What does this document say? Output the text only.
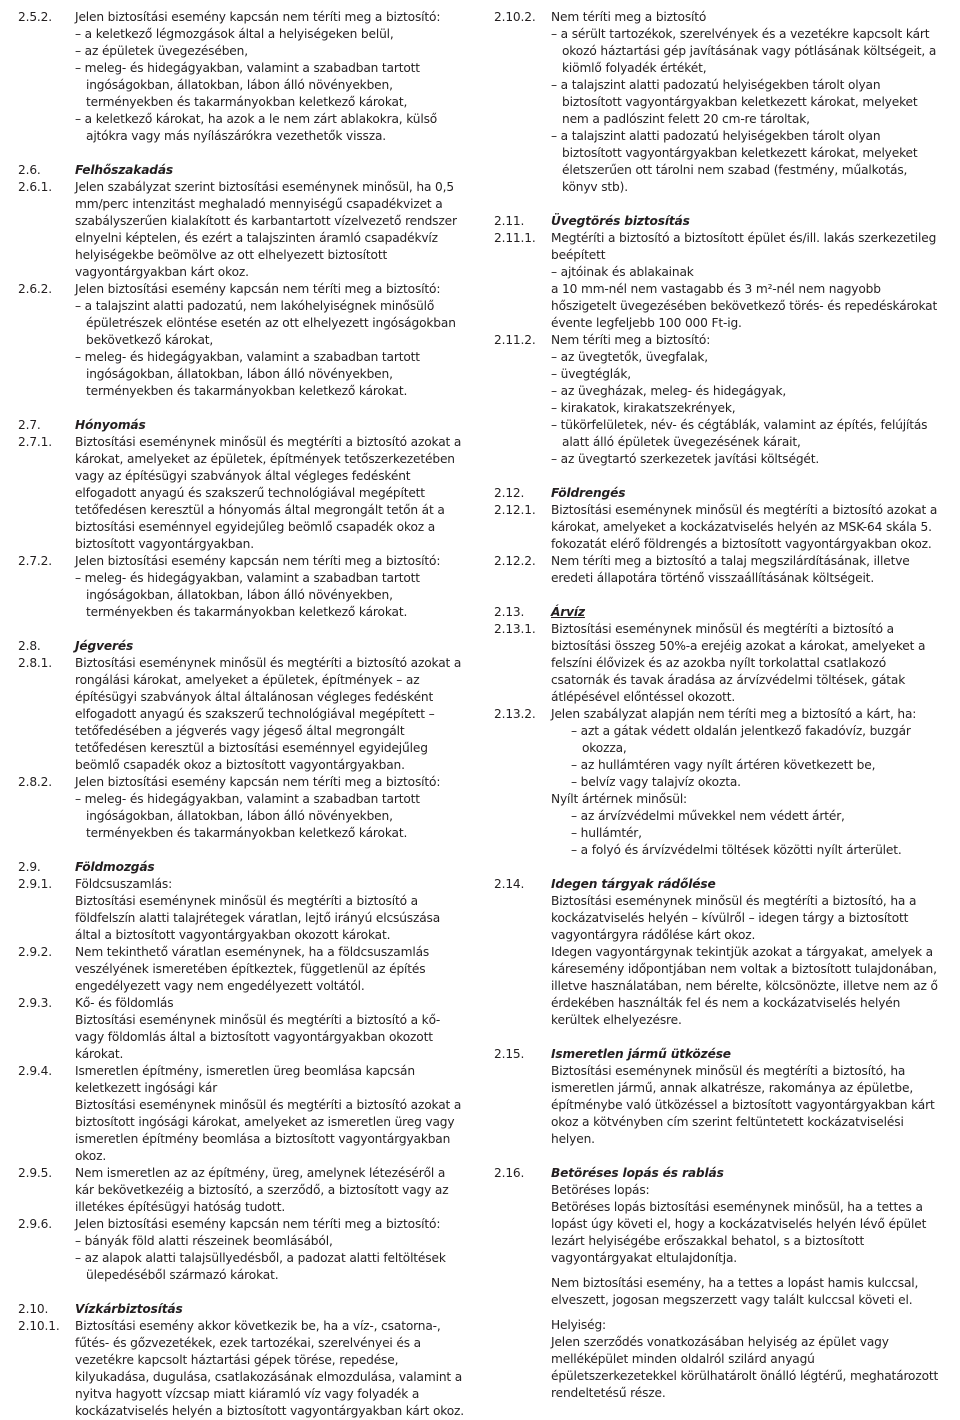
2.5.2. Jelen biztosítási esemény kapcsán nem téríti meg a biztosító:
– a keletkező légmozgások által a helyiségeken belül,
– az épületek üvegezésében,
– meleg- és hidegágyakban, valamint a szabadban tartott ingóságokban, állatokban, lábon álló növényekben, terményekben és takarmányokban keletkező károkat,
– a keletkező károkat, ha azok a le nem zárt ablakokra, külső ajtókra vagy más nyílászárókra vezethetők vissza.
2.6.	Felhőszakadás
2.6.1. Jelen szabályzat szerint biztosítási eseménynek minősül, ha 0,5 mm/perc intenzitást meghaladó mennyiségű csapadékvizet a szabályszerűen kialakított és karbantartott vízelvezető rendszer elnyelni képtelen, és ezért a talajszinten áramló csapadékvíz helyiségekbe beömölve az ott elhelyezett biztosított vagyontárgyakban kárt okoz.
2.6.2. Jelen biztosítási esemény kapcsán nem téríti meg a biztosító:
– a talajszint alatti padozatú, nem lakóhelyiségnek minősülő épületrészek elöntése esetén az ott elhelyezett ingóságokban bekövetkező károkat,
– meleg- és hidegágyakban, valamint a szabadban tartott ingóságokban, állatokban, lábon álló növényekben, terményekben és takarmányokban keletkező károkat.
2.7.	Hónyomás
2.7.1. Biztosítási eseménynek minősül és megtéríti a biztosító azokat a károkat, amelyeket az épületek, építmények tetőszerkezetében vagy az építésügyi szabványok által végleges fedésként elfogadott anyagú és szakszerű technológiával megépített tetőfedésen keresztül a hónyomás által megrongált tetőn át a biztosítási eseménnyel egyidejűleg beömlő csapadék okoz a biztosított vagyontárgyakban.
2.7.2. Jelen biztosítási esemény kapcsán nem téríti meg a biztosító:
– meleg- és hidegágyakban, valamint a szabadban tartott ingóságokban, állatokban, lábon álló növényekben, terményekben és takarmányokban keletkező károkat.
2.8.	Jégverés
2.8.1. Biztosítási eseménynek minősül és megtéríti a biztosító azokat a rongálási károkat, amelyeket a épületek, építmények – az építésügyi szabványok által általánosan végleges fedésként elfogadott anyagú és szakszerű technológiával megépített – tetőfedésében a jégverés vagy jégeső által megrongált tetőfedésen keresztül a biztosítási eseménnyel egyidejűleg beömlő csapadék okoz a biztosított vagyontárgyakban.
2.8.2. Jelen biztosítási esemény kapcsán nem téríti meg a biztosító:
– meleg- és hidegágyakban, valamint a szabadban tartott ingóságokban, állatokban, lábon álló növényekben, terményekben és takarmányokban keletkező károkat.
2.9.	Földmozgás
2.9.1. Földcsuszamlás:
Biztosítási eseménynek minősül és megtéríti a biztosító a földfelszín alatti talajrétegek váratlan, lejtő irányú elcsúszása által a biztosított vagyontárgyakban okozott károkat.
2.9.2. Nem tekinthető váratlan eseménynek, ha a földcsuszamlás veszélyének ismeretében építkeztek, függetlenül az építés engedélyezett vagy nem engedélyezett voltától.
2.9.3. Kő- és földomlás
Biztosítási eseménynek minősül és megtéríti a biztosító a kő- vagy földomlás által a biztosított vagyontárgyakban okozott károkat.
2.9.4. Ismeretlen építmény, ismeretlen üreg beomlása kapcsán keletkezett ingósági kár
Biztosítási eseménynek minősül és megtéríti a biztosító azokat a biztosított ingósági károkat, amelyeket az ismeretlen üreg vagy ismeretlen építmény beomlása a biztosított vagyontárgyakban okoz.
2.9.5. Nem ismeretlen az az építmény, üreg, amelynek létezéséről a kár bekövetkezéig a biztosító, a szerződő, a biztosított vagy az illetékes építésügyi hatóság tudott.
2.9.6. Jelen biztosítási esemény kapcsán nem téríti meg a biztosító:
– bányák föld alatti részeinek beomlásából,
– az alapok alatti talajsüllyedésből, a padozat alatti feltöltések ülepedéséből származó károkat.
2.10. Vízkárbiztosítás
2.10.1. Biztosítási esemény akkor következik be, ha a víz-, csatorna-, fűtés- és gőzvezetékek, ezek tartozékai, szerelvényei és a vezetékre kapcsolt háztartási gépek törése, repedése, kilyukadása, dugulása, csatlakozásának elmozdulása, valamint a nyitva hagyott vízcsap miatt kiáramló víz vagy folyadék a kockázatviselés helyén a biztosított vagyontárgyakban kárt okoz.
2.10.2. Nem téríti meg a biztosító
– a sérült tartozékok, szerelvények és a vezetékre kapcsolt kárt okozó háztartási gép javításának vagy pótlásának költségeit, a kiömlő folyadék értékét,
– a talajszint alatti padozatú helyiségekben tárolt olyan biztosított vagyontárgyakban keletkezett károkat, melyeket nem a padlószint felett 20 cm-re tároltak,
– a talajszint alatti padozatú helyiségekben tárolt olyan biztosított vagyontárgyakban keletkezett károkat, melyeket életszerűen ott tárolni nem szabad (festmény, műalkotás, könyv stb).
2.11. Üvegtörés biztosítás
2.11.1. Megtéríti a biztosító a biztosított épület és/ill. lakás szerkezetileg beépített
– ajtóinak és ablakainak
a 10 mm-nél nem vastagabb és 3 m²-nél nem nagyobb hőszigetelt üvegezésében bekövetkező törés- és repedéskárokat évente legfeljebb 100 000 Ft-ig.
2.11.2. Nem téríti meg a biztosító:
– az üvegtetők, üvegfalak,
– üvegtéglák,
– az üvegházak, meleg- és hidegágyak,
– kirakatok, kirakatszekrények,
– tükörfelületek, név- és cégtáblák, valamint az építés, felújítás alatt álló épületek üvegezésének kárait,
– az üvegtartó szerkezetek javítási költségét.
2.12. Földrengés
2.12.1. Biztosítási eseménynek minősül és megtéríti a biztosító azokat a károkat, amelyeket a kockázatviselés helyén az MSK-64 skála 5. fokozatát elérő földrengés a biztosított vagyontárgyakban okoz.
2.12.2. Nem téríti meg a biztosító a talaj megszilárdításának, illetve eredeti állapotára történő visszaállításának költségeit.
2.13. Árvíz
2.13.1. Biztosítási eseménynek minősül és megtéríti a biztosító a biztosítási összeg 50%-a erejéig azokat a károkat, amelyeket a felszíni élővizek és az azokba nyílt torkolattal csatlakozó csatornák és tavak áradása az árvízvédelmi töltések, gátak átlépésével előntéssel okozott.
2.13.2. Jelen szabályzat alapján nem téríti meg a biztosító a kárt, ha:
– azt a gátak védett oldalán jelentkező fakadóvíz, buzgár okozza,
– az hullámtéren vagy nyílt ártéren következett be,
– belvíz vagy talajvíz okozta.
Nyílt ártérnek minősül:
– az árvízvédelmi művekkel nem védett ártér,
– hullámtér,
– a folyó és árvízvédelmi töltések közötti nyílt árterület.
2.14. Idegen tárgyak rádőlése
Biztosítási eseménynek minősül és megtéríti a biztosító, ha a kockázatviselés helyén – kívülről – idegen tárgy a biztosított vagyontárgyra rádőlése kárt okoz.
Idegen vagyontárgynak tekintjük azokat a tárgyakat, amelyek a káresemény időpontjában nem voltak a biztosított tulajdonában, illetve használatában, nem bérelte, kölcsönözte, illetve nem az ő érdekében használták fel és nem a kockázatviselés helyén kerültek elhelyezésre.
2.15. Ismeretlen jármű ütközése
Biztosítási eseménynek minősül és megtéríti a biztosító, ha ismeretlen jármű, annak alkatrésze, rakománya az épületbe, építménybe való ütközéssel a biztosított vagyontárgyakban kárt okoz a kötvényben cím szerint feltüntetett kockázatviselési helyen.
2.16. Betöréses lopás és rablás
Betöréses lopás:
Betöréses lopás biztosítási eseménynek minősül, ha a tettes a lopást úgy követi el, hogy a kockázatviselés helyén lévő épület lezárt helyiségébe erőszakkal behatol, s a biztosított vagyontárgyakat eltulajdonítja.
Nem biztosítási esemény, ha a tettes a lopást hamis kulccsal, elveszett, jogosan megszerzett vagy talált kulccsal követi el.
Helyiség:
Jelen szerződés vonatkozásában helyiség az épület vagy melléképület minden oldalról szilárd anyagú épületszerkezetekkel körülhatárolt önálló légtérű, meghatározott rendeltetésű része.
